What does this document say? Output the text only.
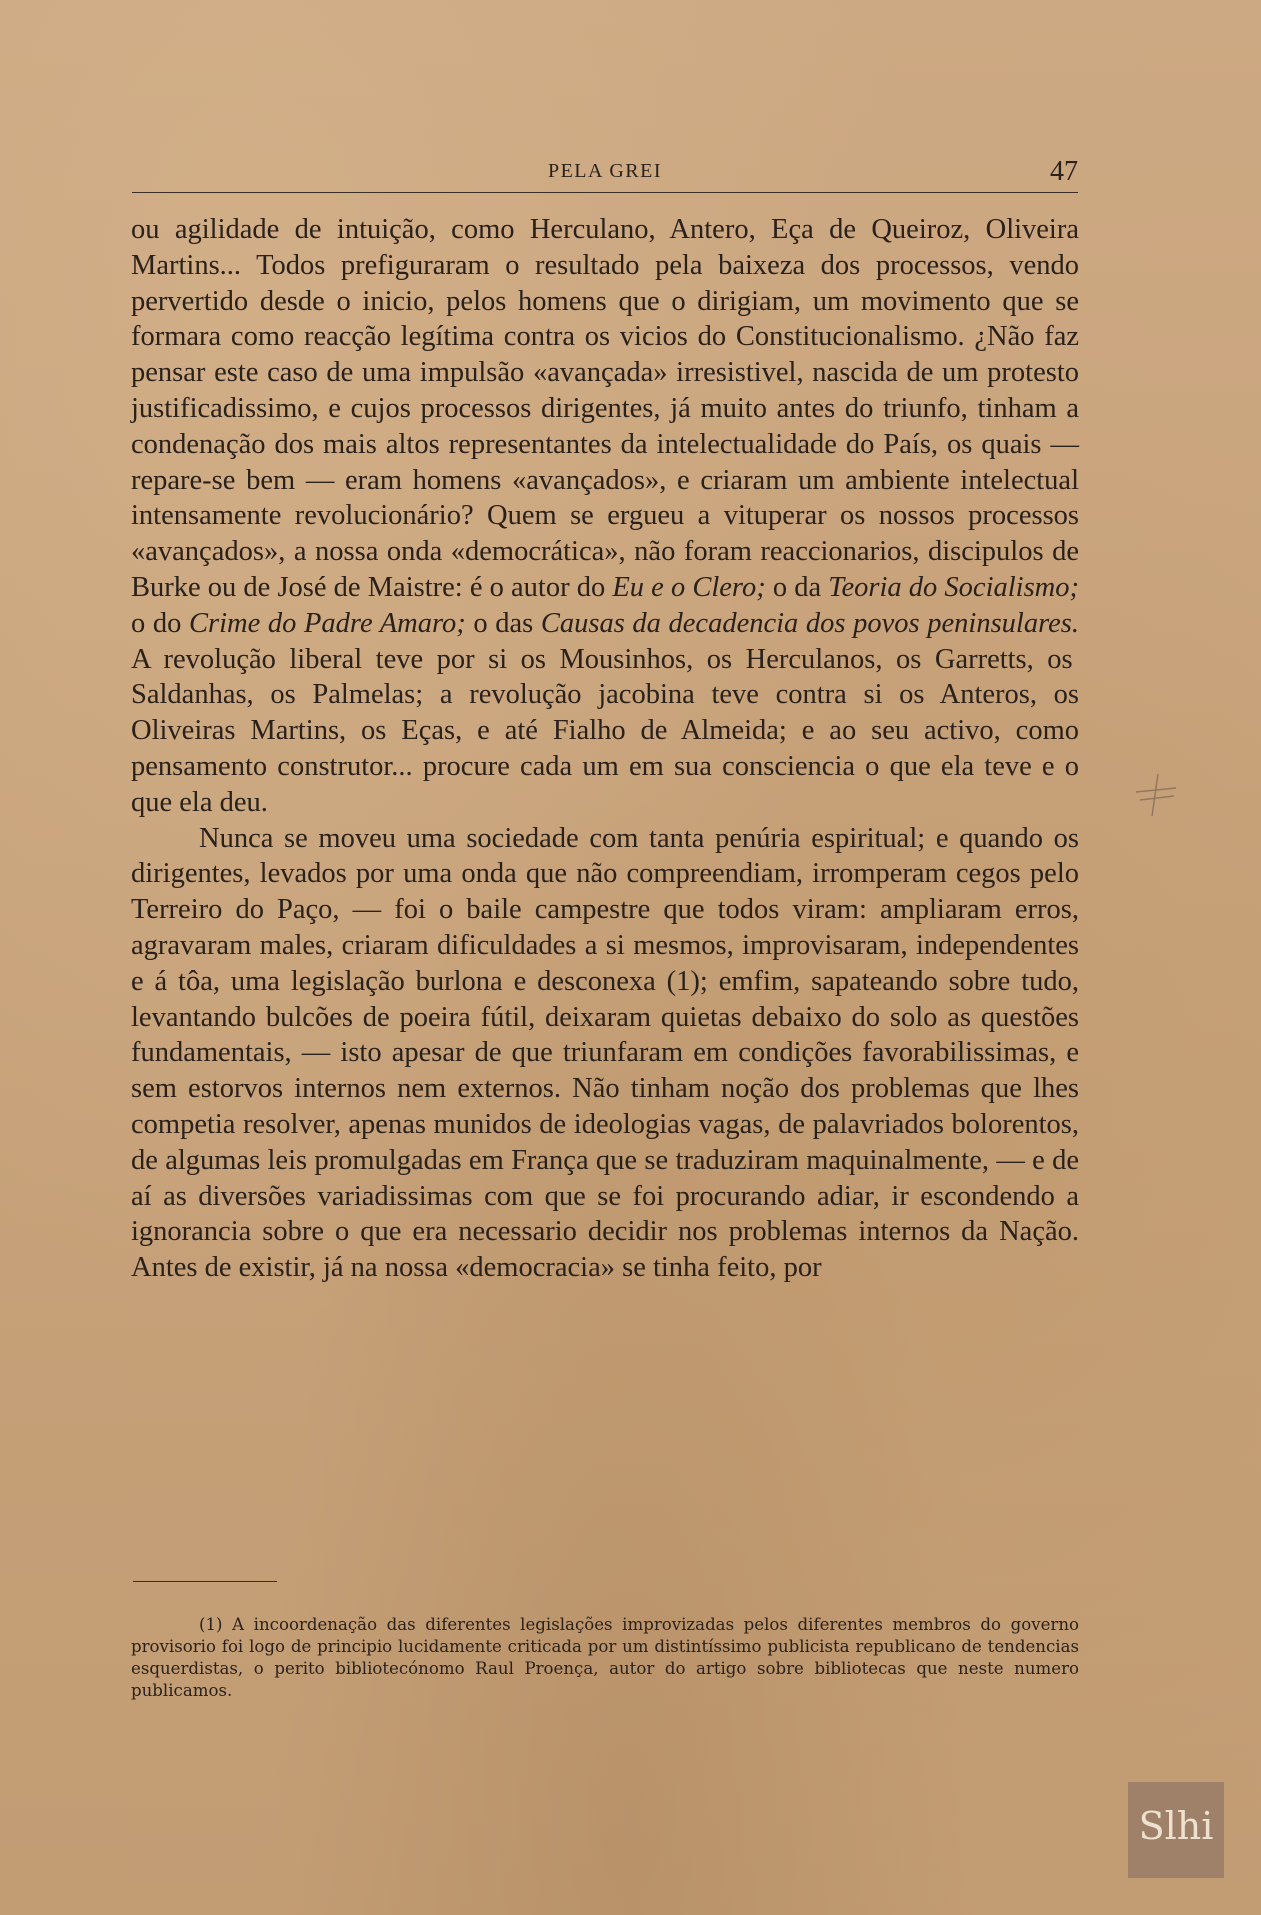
PELA GREI	47

ou agilidade de intuição, como Herculano, Antero, Eça de Queiroz, Oliveira Martins... Todos prefiguraram o resultado pela baixeza dos processos, vendo pervertido desde o inicio, pelos homens que o dirigiam, um movimento que se formara como reacção legítima contra os vicios do Constitucionalismo. ¿Não faz pensar este caso de uma impulsão «avançada» irresistivel, nascida de um protesto justificadissimo, e cujos processos dirigentes, já muito antes do triunfo, tinham a condenação dos mais altos representantes da intelectualidade do País, os quais — repare-se bem — eram homens «avançados», e criaram um ambiente intelectual intensamente revolucionário? Quem se ergueu a vituperar os nossos processos «avançados», a nossa onda «democrática», não foram reaccionarios, discipulos de Burke ou de José de Maistre: é o autor do Eu e o Clero; o da Teoria do Socialismo; o do Crime do Padre Amaro; o das Causas da decadencia dos povos peninsulares. A revolução liberal teve por si os Mousinhos, os Herculanos, os Garretts, os Saldanhas, os Palmelas; a revolução jacobina teve contra si os Anteros, os Oliveiras Martins, os Eças, e até Fialho de Almeida; e ao seu activo, como pensamento construtor... procure cada um em sua consciencia o que ela teve e o que ela deu.

Nunca se moveu uma sociedade com tanta penúria espiritual; e quando os dirigentes, levados por uma onda que não compreendiam, irromperam cegos pelo Terreiro do Paço, — foi o baile campestre que todos viram: ampliaram erros, agravaram males, criaram dificuldades a si mesmos, improvisaram, independentes e á tôa, uma legislação burlona e desconexa (1); emfim, sapateando sobre tudo, levantando bulcões de poeira fútil, deixaram quietas debaixo do solo as questões fundamentais, — isto apesar de que triunfaram em condições favorabilissimas, e sem estorvos internos nem externos. Não tinham noção dos problemas que lhes competia resolver, apenas munidos de ideologias vagas, de palavriados bolorentos, de algumas leis promulgadas em França que se traduziram maquinalmente, — e de aí as diversões variadissimas com que se foi procurando adiar, ir escondendo a ignorancia sobre o que era necessario decidir nos problemas internos da Nação. Antes de existir, já na nossa «democracia» se tinha feito, por

(1) A incoordenação das diferentes legislações improvizadas pelos diferentes membros do governo provisorio foi logo de principio lucidamente criticada por um distintíssimo publicista republicano de tendencias esquerdistas, o perito bibliotecónomo Raul Proença, autor do artigo sobre bibliotecas que neste numero publicamos.
Slhi
